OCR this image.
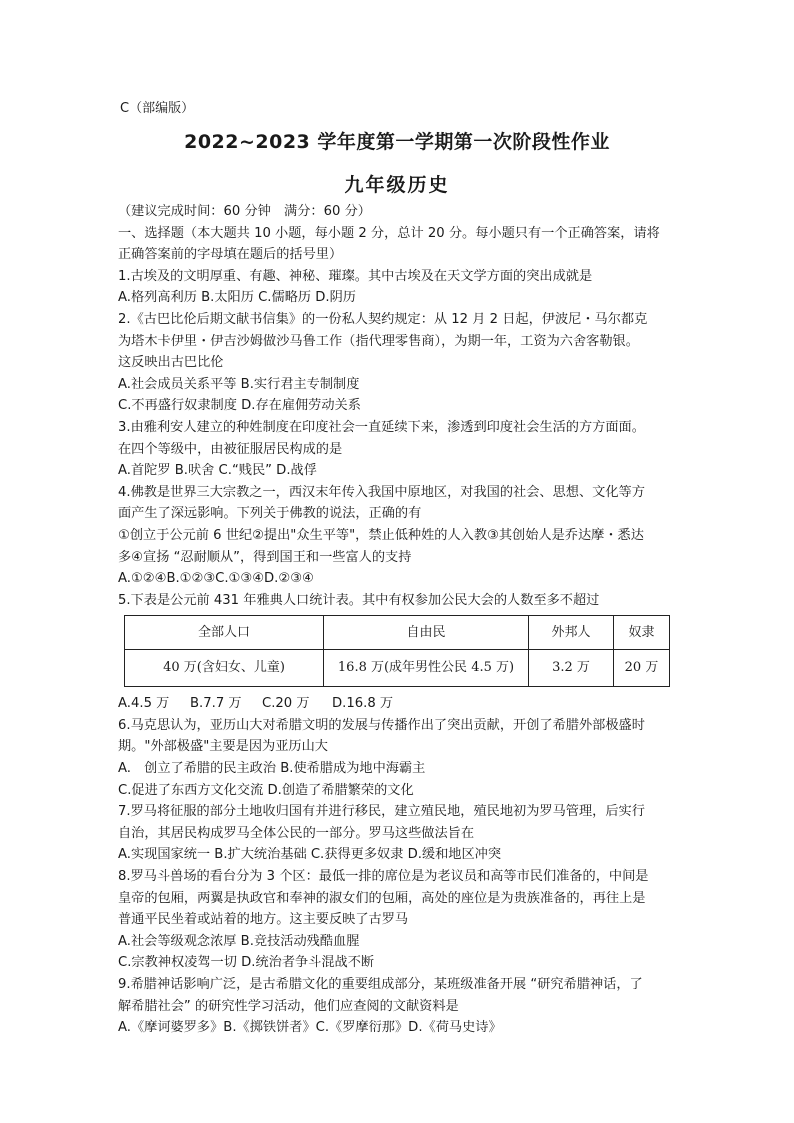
C（部编版）
2022~2023 学年度第一学期第一次阶段性作业
九年级历史

（建议完成时间：60 分钟　满分：60 分）

一、选择题（本大题共 10 小题，每小题 2 分，总计 20 分。每小题只有一个正确答案，请将

正确答案前的字母填在题后的括号里）

1.古埃及的文明厚重、有趣、神秘、璀璨。其中古埃及在天文学方面的突出成就是

A.格列高利历 B.太阳历 C.儒略历 D.阴历

2.《古巴比伦后期文献书信集》的一份私人契约规定：从 12 月 2 日起，伊波尼・马尔都克

为塔木卡伊里・伊吉沙姆做沙马鲁工作（指代理零售商），为期一年，工资为六舍客勒银。

这反映出古巴比伦

A.社会成员关系平等 B.实行君主专制制度

C.不再盛行奴隶制度 D.存在雇佣劳动关系

3.由雅利安人建立的种姓制度在印度社会一直延续下来，渗透到印度社会生活的方方面面。

在四个等级中，由被征服居民构成的是

A.首陀罗 B.吠舍 C.“贱民” D.战俘

4.佛教是世界三大宗教之一，西汉末年传入我国中原地区，对我国的社会、思想、文化等方

面产生了深远影响。下列关于佛教的说法，正确的有

①创立于公元前 6 世纪②提出"众生平等"，禁止低种姓的人入教③其创始人是乔达摩・悉达

多④宣扬 “忍耐顺从”，得到国王和一些富人的支持

A.①②④B.①②③C.①③④D.②③④

5.下表是公元前 431 年雅典人口统计表。其中有权参加公民大会的人数至多不超过

全部人口	自由民	外邦人	奴隶
40 万(含妇女、儿童)	16.8 万(成年男性公民 4.5 万)	3.2 万	20 万

A.4.5 万 B.7.7 万 C.20 万 D.16.8 万

6.马克思认为，亚历山大对希腊文明的发展与传播作出了突出贡献，开创了希腊外部极盛时

期。"外部极盛"主要是因为亚历山大

A.　创立了希腊的民主政治 B.使希腊成为地中海霸主

C.促进了东西方文化交流 D.创造了希腊繁荣的文化

7.罗马将征服的部分土地收归国有并进行移民，建立殖民地，殖民地初为罗马管理，后实行

自治，其居民构成罗马全体公民的一部分。罗马这些做法旨在

A.实现国家统一 B.扩大统治基础 C.获得更多奴隶 D.缓和地区冲突

8.罗马斗兽场的看台分为 3 个区：最低一排的席位是为老议员和高等市民们准备的，中间是

皇帝的包厢，两翼是执政官和奉神的淑女们的包厢，高处的座位是为贵族准备的，再往上是

普通平民坐着或站着的地方。这主要反映了古罗马

A.社会等级观念浓厚 B.竞技活动残酷血腥

C.宗教神权凌驾一切 D.统治者争斗混战不断

9.希腊神话影响广泛，是古希腊文化的重要组成部分，某班级准备开展 “研究希腊神话，了

解希腊社会” 的研究性学习活动，他们应查阅的文献资料是

A.《摩诃婆罗多》B.《掷铁饼者》C.《罗摩衍那》D.《荷马史诗》
